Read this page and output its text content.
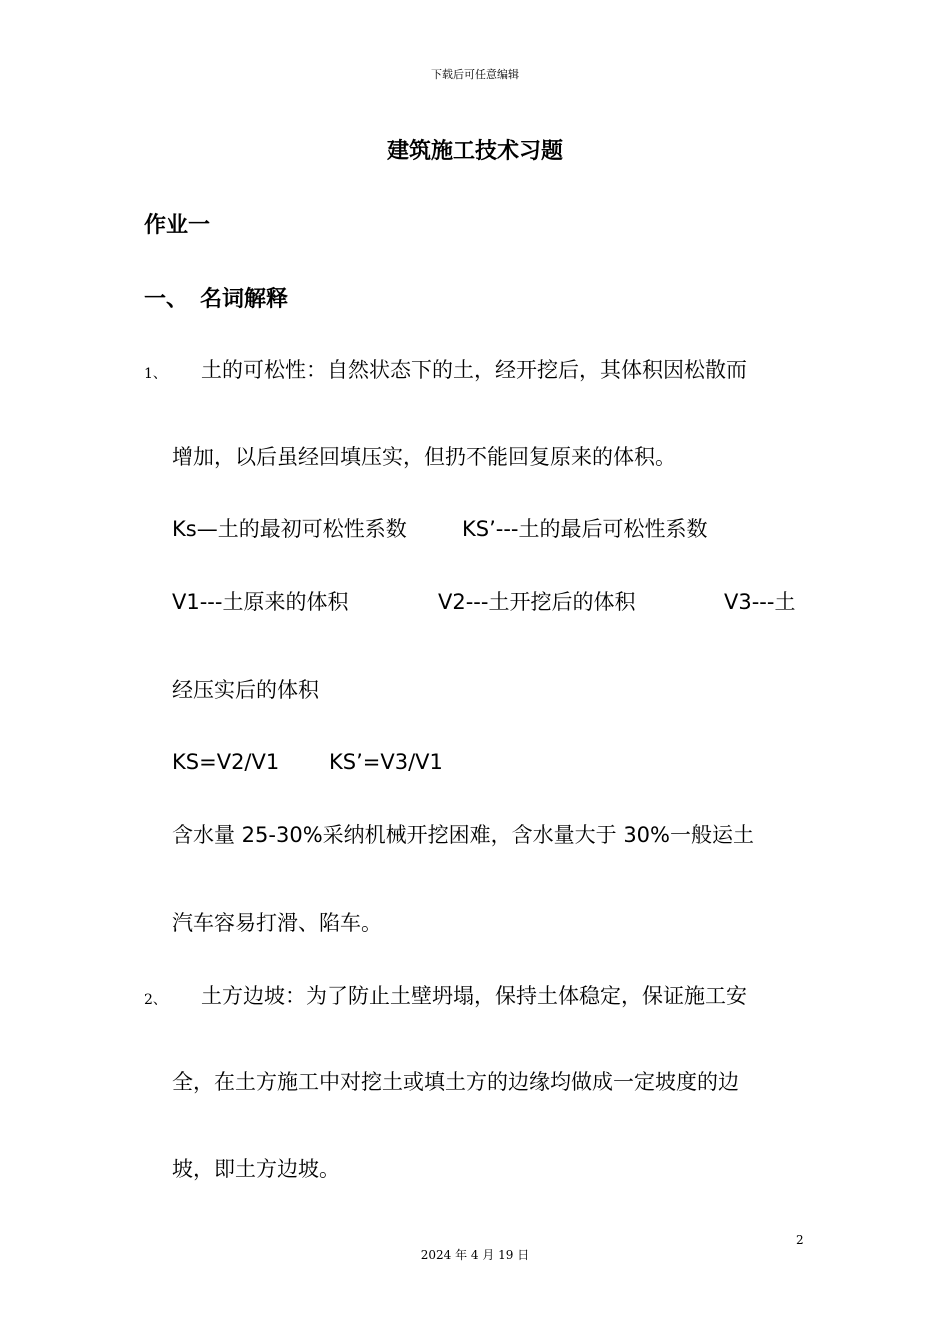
下载后可任意编辑
建筑施工技术习题
作业一
一、 名词解释
1、 土的可松性：自然状态下的土，经开挖后，其体积因松散而
增加，以后虽经回填压实，但扔不能回复原来的体积。
Ks—土的最初可松性系数	KS’---土的最后可松性系数
V1---土原来的体积	V2---土开挖后的体积	V3---土
经压实后的体积
KS=V2/V1 KS’=V3/V1
含水量 25-30%采纳机械开挖困难，含水量大于 30%一般运土
汽车容易打滑、陷车。
2、 土方边坡：为了防止土壁坍塌，保持土体稳定，保证施工安
全，在土方施工中对挖土或填土方的边缘均做成一定坡度的边
坡，即土方边坡。
2
2024 年 4 月 19 日
